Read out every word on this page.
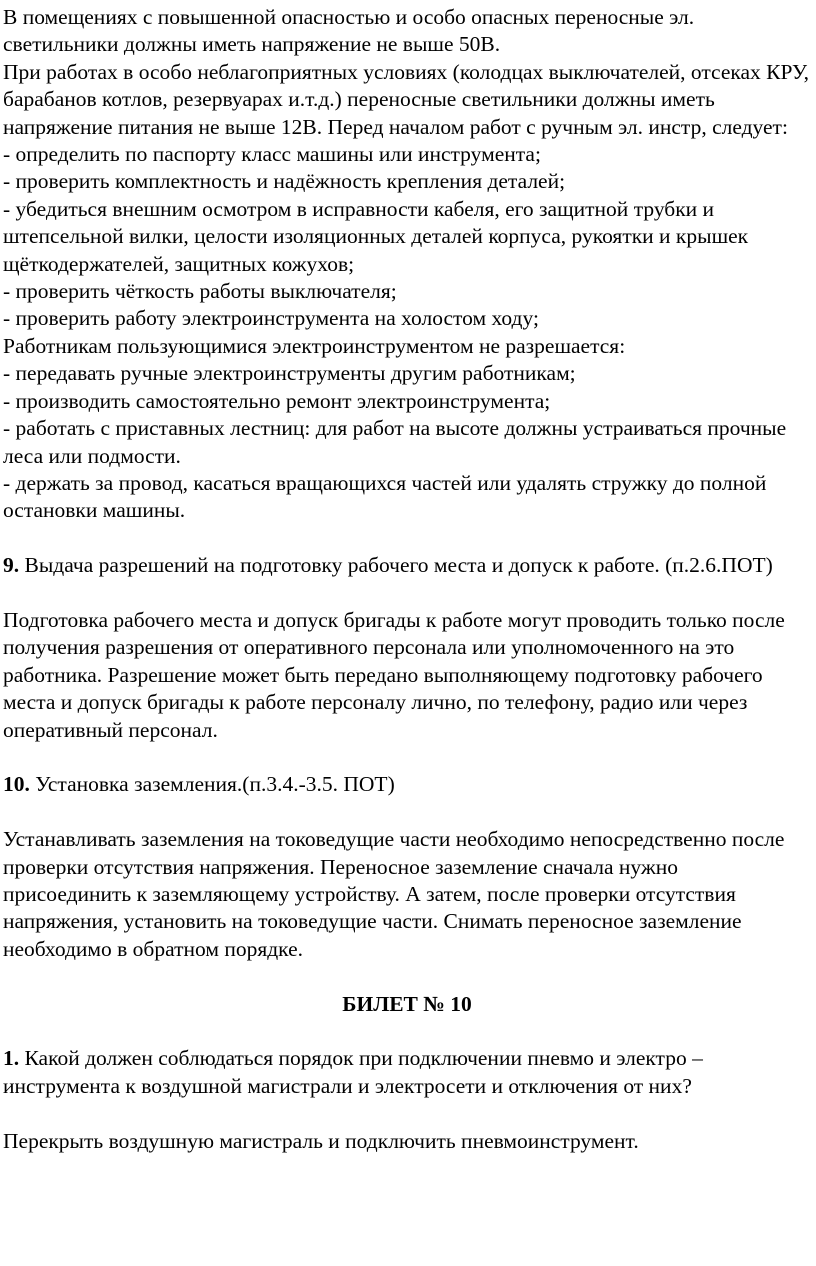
В помещениях с повышенной опасностью и особо опасных переносные эл. светильники должны иметь напряжение не выше 50В.

При работах в особо неблагоприятных условиях (колодцах выключателей, отсеках КРУ, барабанов котлов, резервуарах и.т.д.) переносные светильники должны иметь напряжение питания не выше 12В. Перед началом работ с ручным эл. инстр, следует:

- определить по паспорту класс машины или инструмента;

- проверить комплектность и надёжность крепления деталей;

- убедиться внешним осмотром в исправности кабеля, его защитной трубки и штепсельной вилки, целости изоляционных деталей корпуса, рукоятки и крышек щёткодержателей, защитных кожухов;

- проверить чёткость работы выключателя;

- проверить работу электроинструмента на холостом ходу;

Работникам пользующимися электроинструментом не разрешается:

- передавать ручные электроинструменты другим работникам;

- производить самостоятельно ремонт электроинструмента;

- работать с приставных лестниц: для работ на высоте должны устраиваться прочные леса или подмости.

- держать за провод, касаться вращающихся частей или удалять стружку до полной остановки машины.

9. Выдача разрешений на подготовку рабочего места и допуск к работе. (п.2.6.ПОТ)

Подготовка рабочего места и допуск бригады к работе могут проводить только после получения разрешения от оперативного персонала или уполномоченного на это работника. Разрешение может быть передано выполняющему подготовку рабочего места и допуск бригады к работе персоналу лично, по телефону, радио или через оперативный персонал.

10. Установка заземления.(п.3.4.-3.5. ПОТ)

Устанавливать заземления на токоведущие части необходимо непосредственно после проверки отсутствия напряжения. Переносное заземление сначала нужно присоединить к заземляющему устройству. А затем, после проверки отсутствия напряжения, установить на токоведущие части. Снимать переносное заземление необходимо в обратном порядке.

БИЛЕТ № 10

1. Какой должен соблюдаться порядок при подключении пневмо и электро – инструмента к воздушной магистрали и электросети и отключения от них?

Перекрыть воздушную магистраль и подключить пневмоинструмент.
